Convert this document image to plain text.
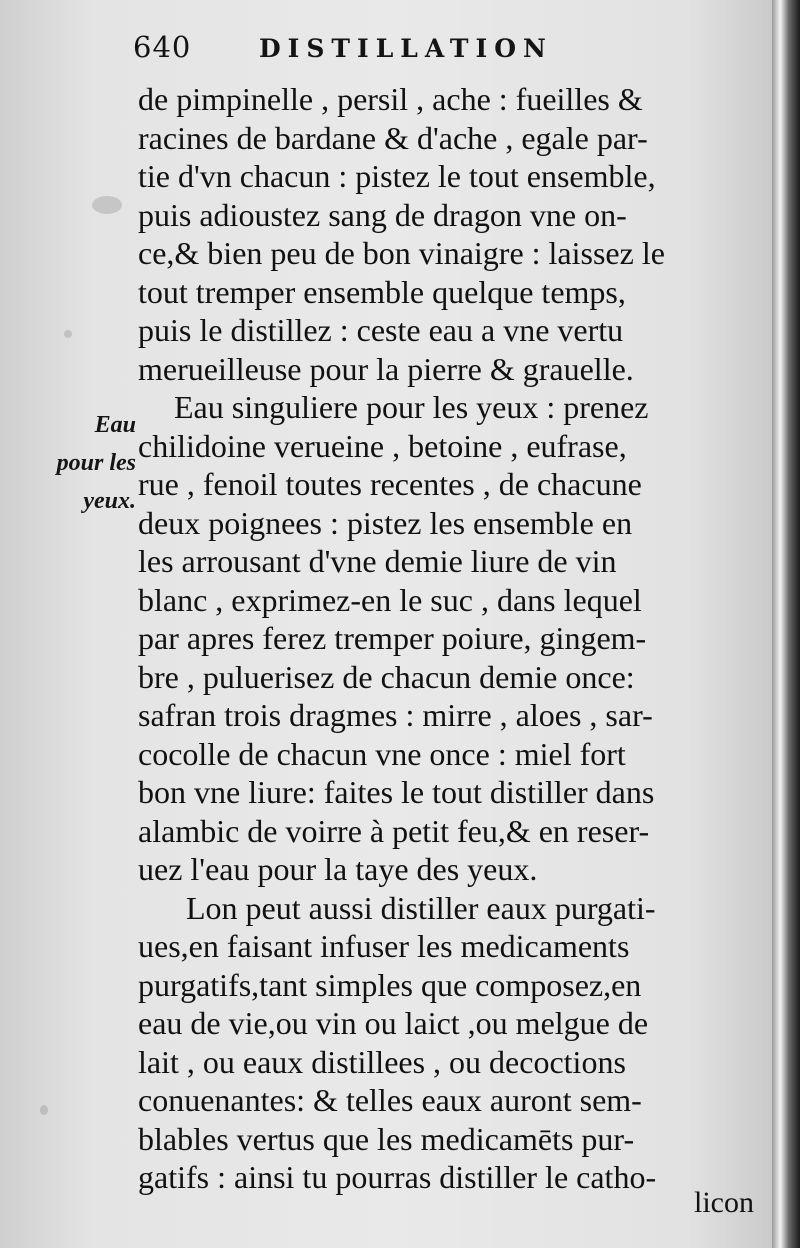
640	DISTILLATION
Eau
pour les
yeux.
de pimpinelle , persil , ache : fueilles &
racines de bardane & d'ache , egale par-
tie d'vn chacun : pistez le tout ensemble,
puis adioustez sang de dragon vne on-
ce,& bien peu de bon vinaigre : laissez le
tout tremper ensemble quelque temps,
puis le distillez : ceste eau a vne vertu
merueilleuse pour la pierre & grauelle.
Eau singuliere pour les yeux : prenez
chilidoine verueine , betoine , eufrase,
rue , fenoil toutes recentes , de chacune
deux poignees : pistez les ensemble en
les arrousant d'vne demie liure de vin
blanc , exprimez-en le suc , dans lequel
par apres ferez tremper poiure, gingem-
bre , puluerisez de chacun demie once:
safran trois dragmes : mirre , aloes , sar-
cocolle de chacun vne once : miel fort
bon vne liure: faites le tout distiller dans
alambic de voirre à petit feu,& en reser-
uez l'eau pour la taye des yeux.
Lon peut aussi distiller eaux purgati-
ues,en faisant infuser les medicaments
purgatifs,tant simples que composez,en
eau de vie,ou vin ou laict ,ou melgue de
lait , ou eaux distillees , ou decoctions
conuenantes: & telles eaux auront sem-
blables vertus que les medicamēts pur-
gatifs : ainsi tu pourras distiller le catho-
licon
